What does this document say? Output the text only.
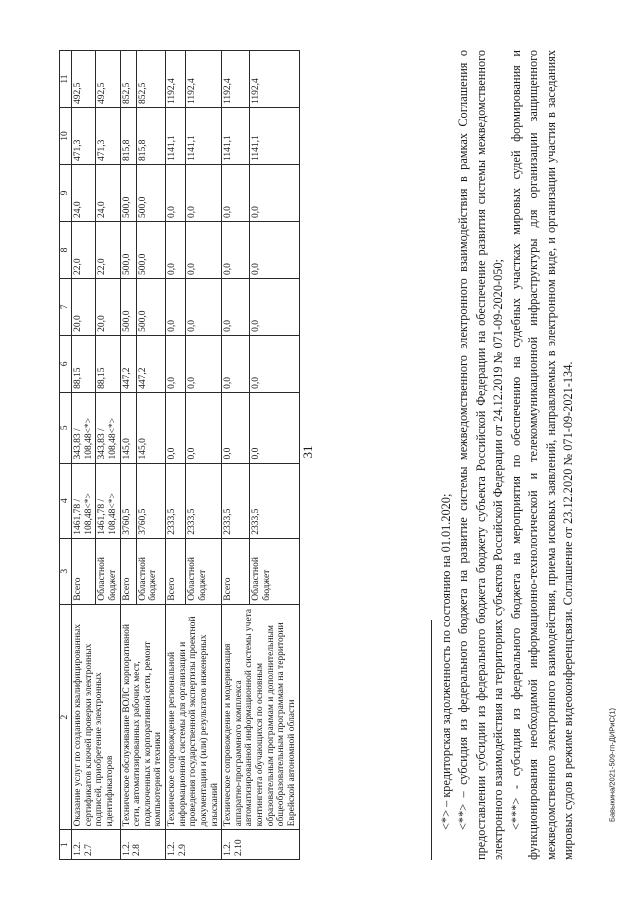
31
1	2	3	4	5	6	7	8	9	10	11
1.2.
2.7	Оказание услуг по созданию квалифицированных сертификатов ключей проверки электронных подписей, приобретение электронных идентификаторов	Всего	1461,78 / 108,48<*>	343,83 / 108,48<*>	88,15	20,0	22,0	24,0	471,3	492,5
		Областной бюджет	1461,78 / 108,48<*>	343,83 / 108,48<*>	88,15	20,0	22,0	24,0	471,3	492,5
1.2.
2.8	Техническое обслуживание ВОЛС корпоративной сети, автоматизированных рабочих мест, подключенных к корпоративной сети, ремонт компьютерной техники	Всего	3760,5	145,0	447,2	500,0	500,0	500,0	815,8	852,5
		Областной бюджет	3760,5	145,0	447,2	500,0	500,0	500,0	815,8	852,5
1.2.
2.9	Техническое сопровождение региональной информационной системы для организации и проведения государственной экспертизы проектной документации и (или) результатов инженерных изысканий	Всего	2333,5	0,0	0,0	0,0	0,0	0,0	1141,1	1192,4
		Областной бюджет	2333,5	0,0	0,0	0,0	0,0	0,0	1141,1	1192,4
1.2.
2.10	Техническое сопровождение и модернизация аппаратно-программного комплекса автоматизированной информационной системы учета контингента обучающихся по основным образовательным программам и дополнительным общеобразовательным программам на территории Еврейской автономной области	Всего	2333,5	0,0	0,0	0,0	0,0	0,0	1141,1	1192,4
		Областной бюджет	2333,5	0,0	0,0	0,0	0,0	0,0	1141,1	1192,4

<*> – кредиторская задолженность по состоянию на 01.01.2020; <**> – субсидия из федерального бюджета на развитие системы межведомственного электронного взаимодействия в рамках Соглашения о предоставлении субсидии из федерального бюджета бюджету субъекта Российской Федерации на обеспечение развития системы межведомственного электронного взаимодействия на территориях субъектов Российской Федерации от 24.12.2019 № 071-09-2020-050; <***> - субсидия из федерального бюджета на мероприятия по обеспечению на судебных участках мировых судей формирования и функционирования необходимой информационно-технологической и телекоммуникационной инфраструктуры для организации защищенного межведомственного электронного взаимодействия, приема исковых заявлений, направляемых в электронном виде, и организации участия в заседаниях мировых судов в режиме видеоконференцсвязи. Соглашение от 23.12.2020 № 071-09-2021-134.	Бавыкина/2021-509-гп-ДИРиС(1)
